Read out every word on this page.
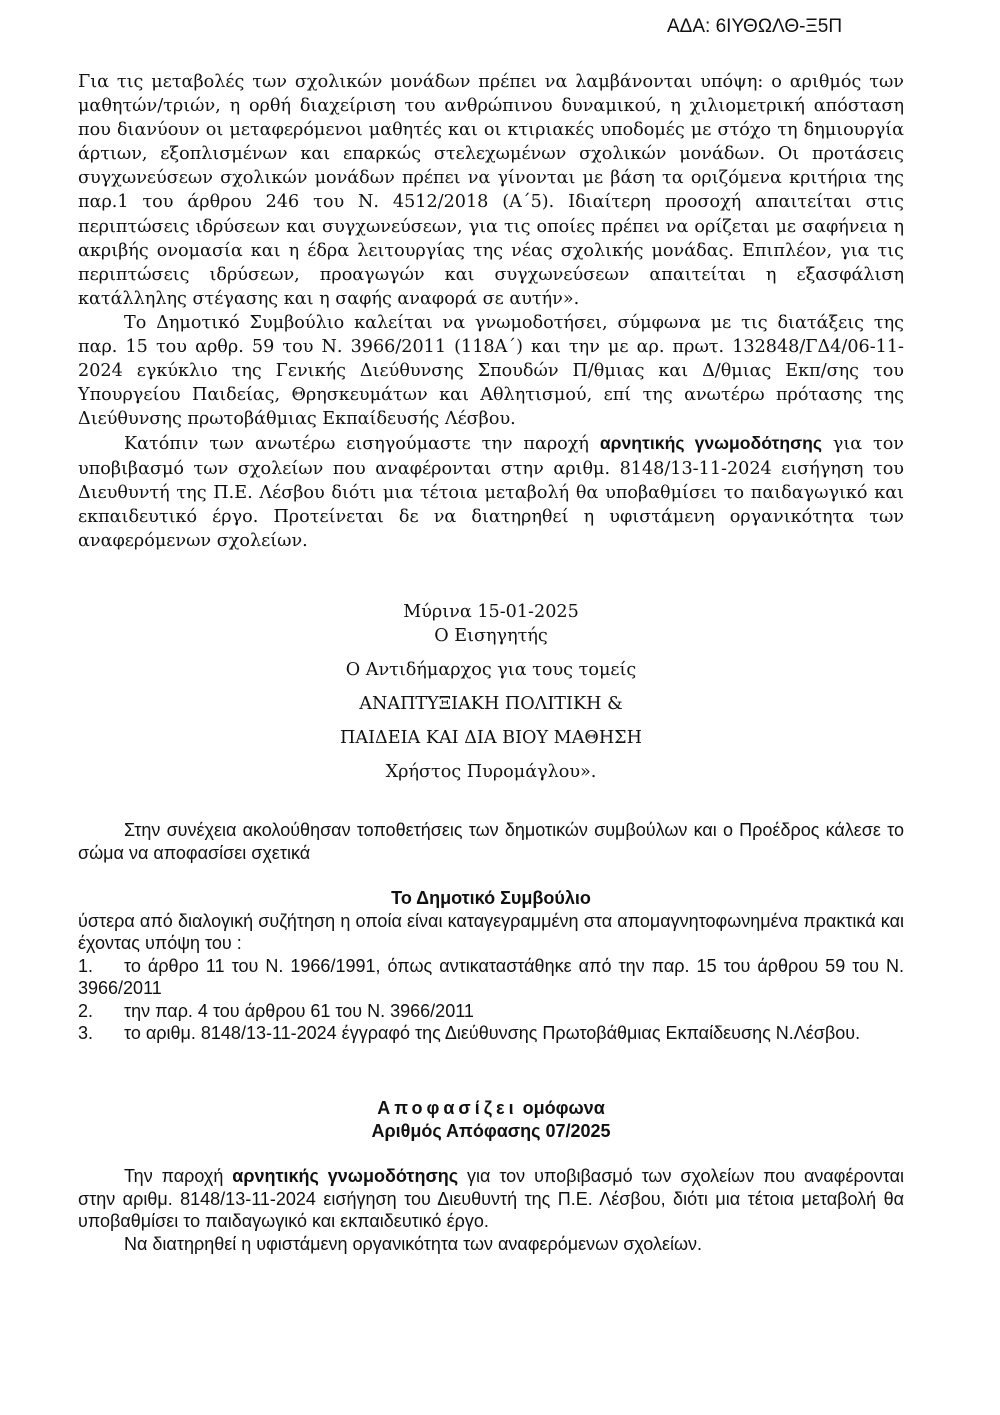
ΑΔΑ: 6ΙΥΘΩΛΘ-Ξ5Π

Για τις μεταβολές των σχολικών μονάδων πρέπει να λαμβάνονται υπόψη: ο αριθμός των μαθητών/τριών, η ορθή διαχείριση του ανθρώπινου δυναμικού, η χιλιομετρική απόσταση που διανύουν οι μεταφερόμενοι μαθητές και οι κτιριακές υποδομές με στόχο τη δημιουργία άρτιων, εξοπλισμένων και επαρκώς στελεχωμένων σχολικών μονάδων. Οι προτάσεις συγχωνεύσεων σχολικών μονάδων πρέπει να γίνονται με βάση τα οριζόμενα κριτήρια της παρ.1 του άρθρου 246 του Ν. 4512/2018 (Α΄5). Ιδιαίτερη προσοχή απαιτείται στις περιπτώσεις ιδρύσεων και συγχωνεύσεων, για τις οποίες πρέπει να ορίζεται με σαφήνεια η ακριβής ονομασία και η έδρα λειτουργίας της νέας σχολικής μονάδας. Επιπλέον, για τις περιπτώσεις ιδρύσεων, προαγωγών και συγχωνεύσεων απαιτείται η εξασφάλιση κατάλληλης στέγασης και η σαφής αναφορά σε αυτήν».

Το Δημοτικό Συμβούλιο καλείται να γνωμοδοτήσει, σύμφωνα με τις διατάξεις της παρ. 15 του αρθρ. 59 του Ν. 3966/2011 (118Α΄) και την με αρ. πρωτ. 132848/ΓΔ4/06-11-2024 εγκύκλιο της Γενικής Διεύθυνσης Σπουδών Π/θμιας και Δ/θμιας Εκπ/σης του Υπουργείου Παιδείας, Θρησκευμάτων και Αθλητισμού, επί της ανωτέρω πρότασης της Διεύθυνσης πρωτοβάθμιας Εκπαίδευσής Λέσβου.

Κατόπιν των ανωτέρω εισηγούμαστε την παροχή αρνητικής γνωμοδότησης για τον υποβιβασμό των σχολείων που αναφέρονται στην αριθμ. 8148/13-11-2024 εισήγηση του Διευθυντή της Π.Ε. Λέσβου διότι μια τέτοια μεταβολή θα υποβαθμίσει το παιδαγωγικό και εκπαιδευτικό έργο. Προτείνεται δε να διατηρηθεί η υφιστάμενη οργανικότητα των αναφερόμενων σχολείων.

Μύρινα 15-01-2025
Ο Εισηγητής
Ο Αντιδήμαρχος για τους τομείς
ΑΝΑΠΤΥΞΙΑΚΗ ΠΟΛΙΤΙΚΗ &
ΠΑΙΔΕΙΑ ΚΑΙ ΔΙΑ ΒΙΟΥ ΜΑΘΗΣΗ
Χρήστος Πυρομάγλου».

Στην συνέχεια ακολούθησαν τοποθετήσεις των δημοτικών συμβούλων και ο Προέδρος κάλεσε το σώμα να αποφασίσει σχετικά

Το Δημοτικό Συμβούλιο

ύστερα από διαλογική συζήτηση η οποία είναι καταγεγραμμένη στα απομαγνητοφωνημένα πρακτικά και έχοντας υπόψη του :

1. το άρθρο 11 του Ν. 1966/1991, όπως αντικαταστάθηκε από την παρ. 15 του άρθρου 59 του Ν. 3966/2011

2. την παρ. 4 του άρθρου 61 του Ν. 3966/2011

3. το αριθμ. 8148/13-11-2024 έγγραφό της Διεύθυνσης Πρωτοβάθμιας Εκπαίδευσης Ν.Λέσβου.

Αποφασίζει ομόφωνα

Αριθμός Απόφασης 07/2025

Την παροχή αρνητικής γνωμοδότησης για τον υποβιβασμό των σχολείων που αναφέρονται στην αριθμ. 8148/13-11-2024 εισήγηση του Διευθυντή της Π.Ε. Λέσβου, διότι μια τέτοια μεταβολή θα υποβαθμίσει το παιδαγωγικό και εκπαιδευτικό έργο.

Να διατηρηθεί η υφιστάμενη οργανικότητα των αναφερόμενων σχολείων.
